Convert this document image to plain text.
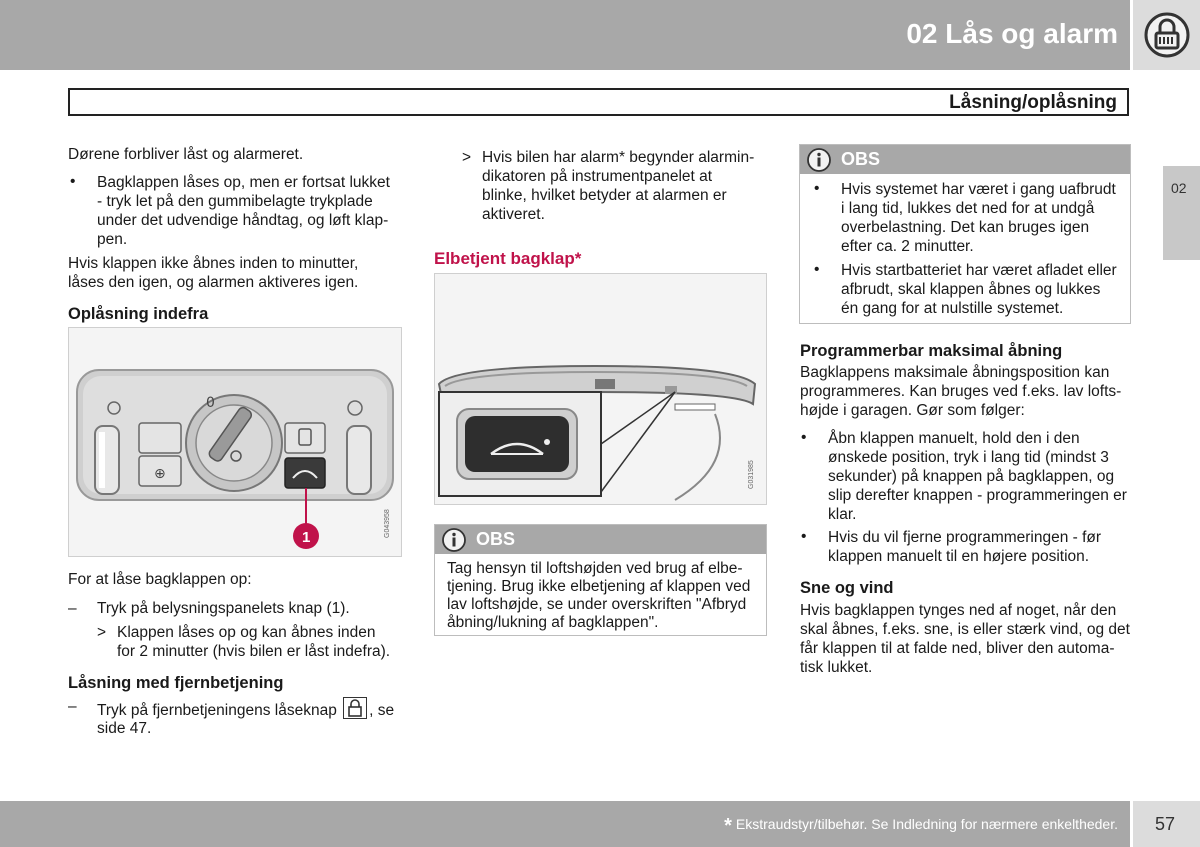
02 Lås og alarm
Låsning/oplåsning
02
Dørene forbliver låst og alarmeret.
• Bagklappen låses op, men er fortsat lukket
- tryk let på den gummibelagte trykplade
under det udvendige håndtag, og løft klap-
pen.
Hvis klappen ikke åbnes inden to minutter,
låses den igen, og alarmen aktiveres igen.
Oplåsning indefra
⊕
0
1	G043958
For at låse bagklappen op:
– Tryk på belysningspanelets knap (1).
> Klappen låses op og kan åbnes inden
for 2 minutter (hvis bilen er låst indefra).
Låsning med fjernbetjening
– Tryk på fjernbetjeningens låseknap , se
side 47.
> Hvis bilen har alarm* begynder alarmin-
dikatoren på instrumentpanelet at
blinke, hvilket betyder at alarmen er
aktiveret.
Elbetjent bagklap*
G031985
OBS
Tag hensyn til loftshøjden ved brug af elbe-
tjening. Brug ikke elbetjening af klappen ved
lav loftshøjde, se under overskriften "Afbryd
åbning/lukning af bagklappen".
OBS
• Hvis systemet har været i gang uafbrudt
i lang tid, lukkes det ned for at undgå
overbelastning. Det kan bruges igen
efter ca. 2 minutter.
• Hvis startbatteriet har været afladet eller
afbrudt, skal klappen åbnes og lukkes
én gang for at nulstille systemet.
Programmerbar maksimal åbning
Bagklappens maksimale åbningsposition kan
programmeres. Kan bruges ved f.eks. lav lofts-
højde i garagen. Gør som følger:
• Åbn klappen manuelt, hold den i den
ønskede position, tryk i lang tid (mindst 3
sekunder) på knappen på bagklappen, og
slip derefter knappen - programmeringen er
klar.
• Hvis du vil fjerne programmeringen - før
klappen manuelt til en højere position.
Sne og vind
Hvis bagklappen tynges ned af noget, når den
skal åbnes, f.eks. sne, is eller stærk vind, og det
får klappen til at falde ned, bliver den automa-
tisk lukket.
* Ekstraudstyr/tilbehør. Se Indledning for nærmere enkeltheder. 57
